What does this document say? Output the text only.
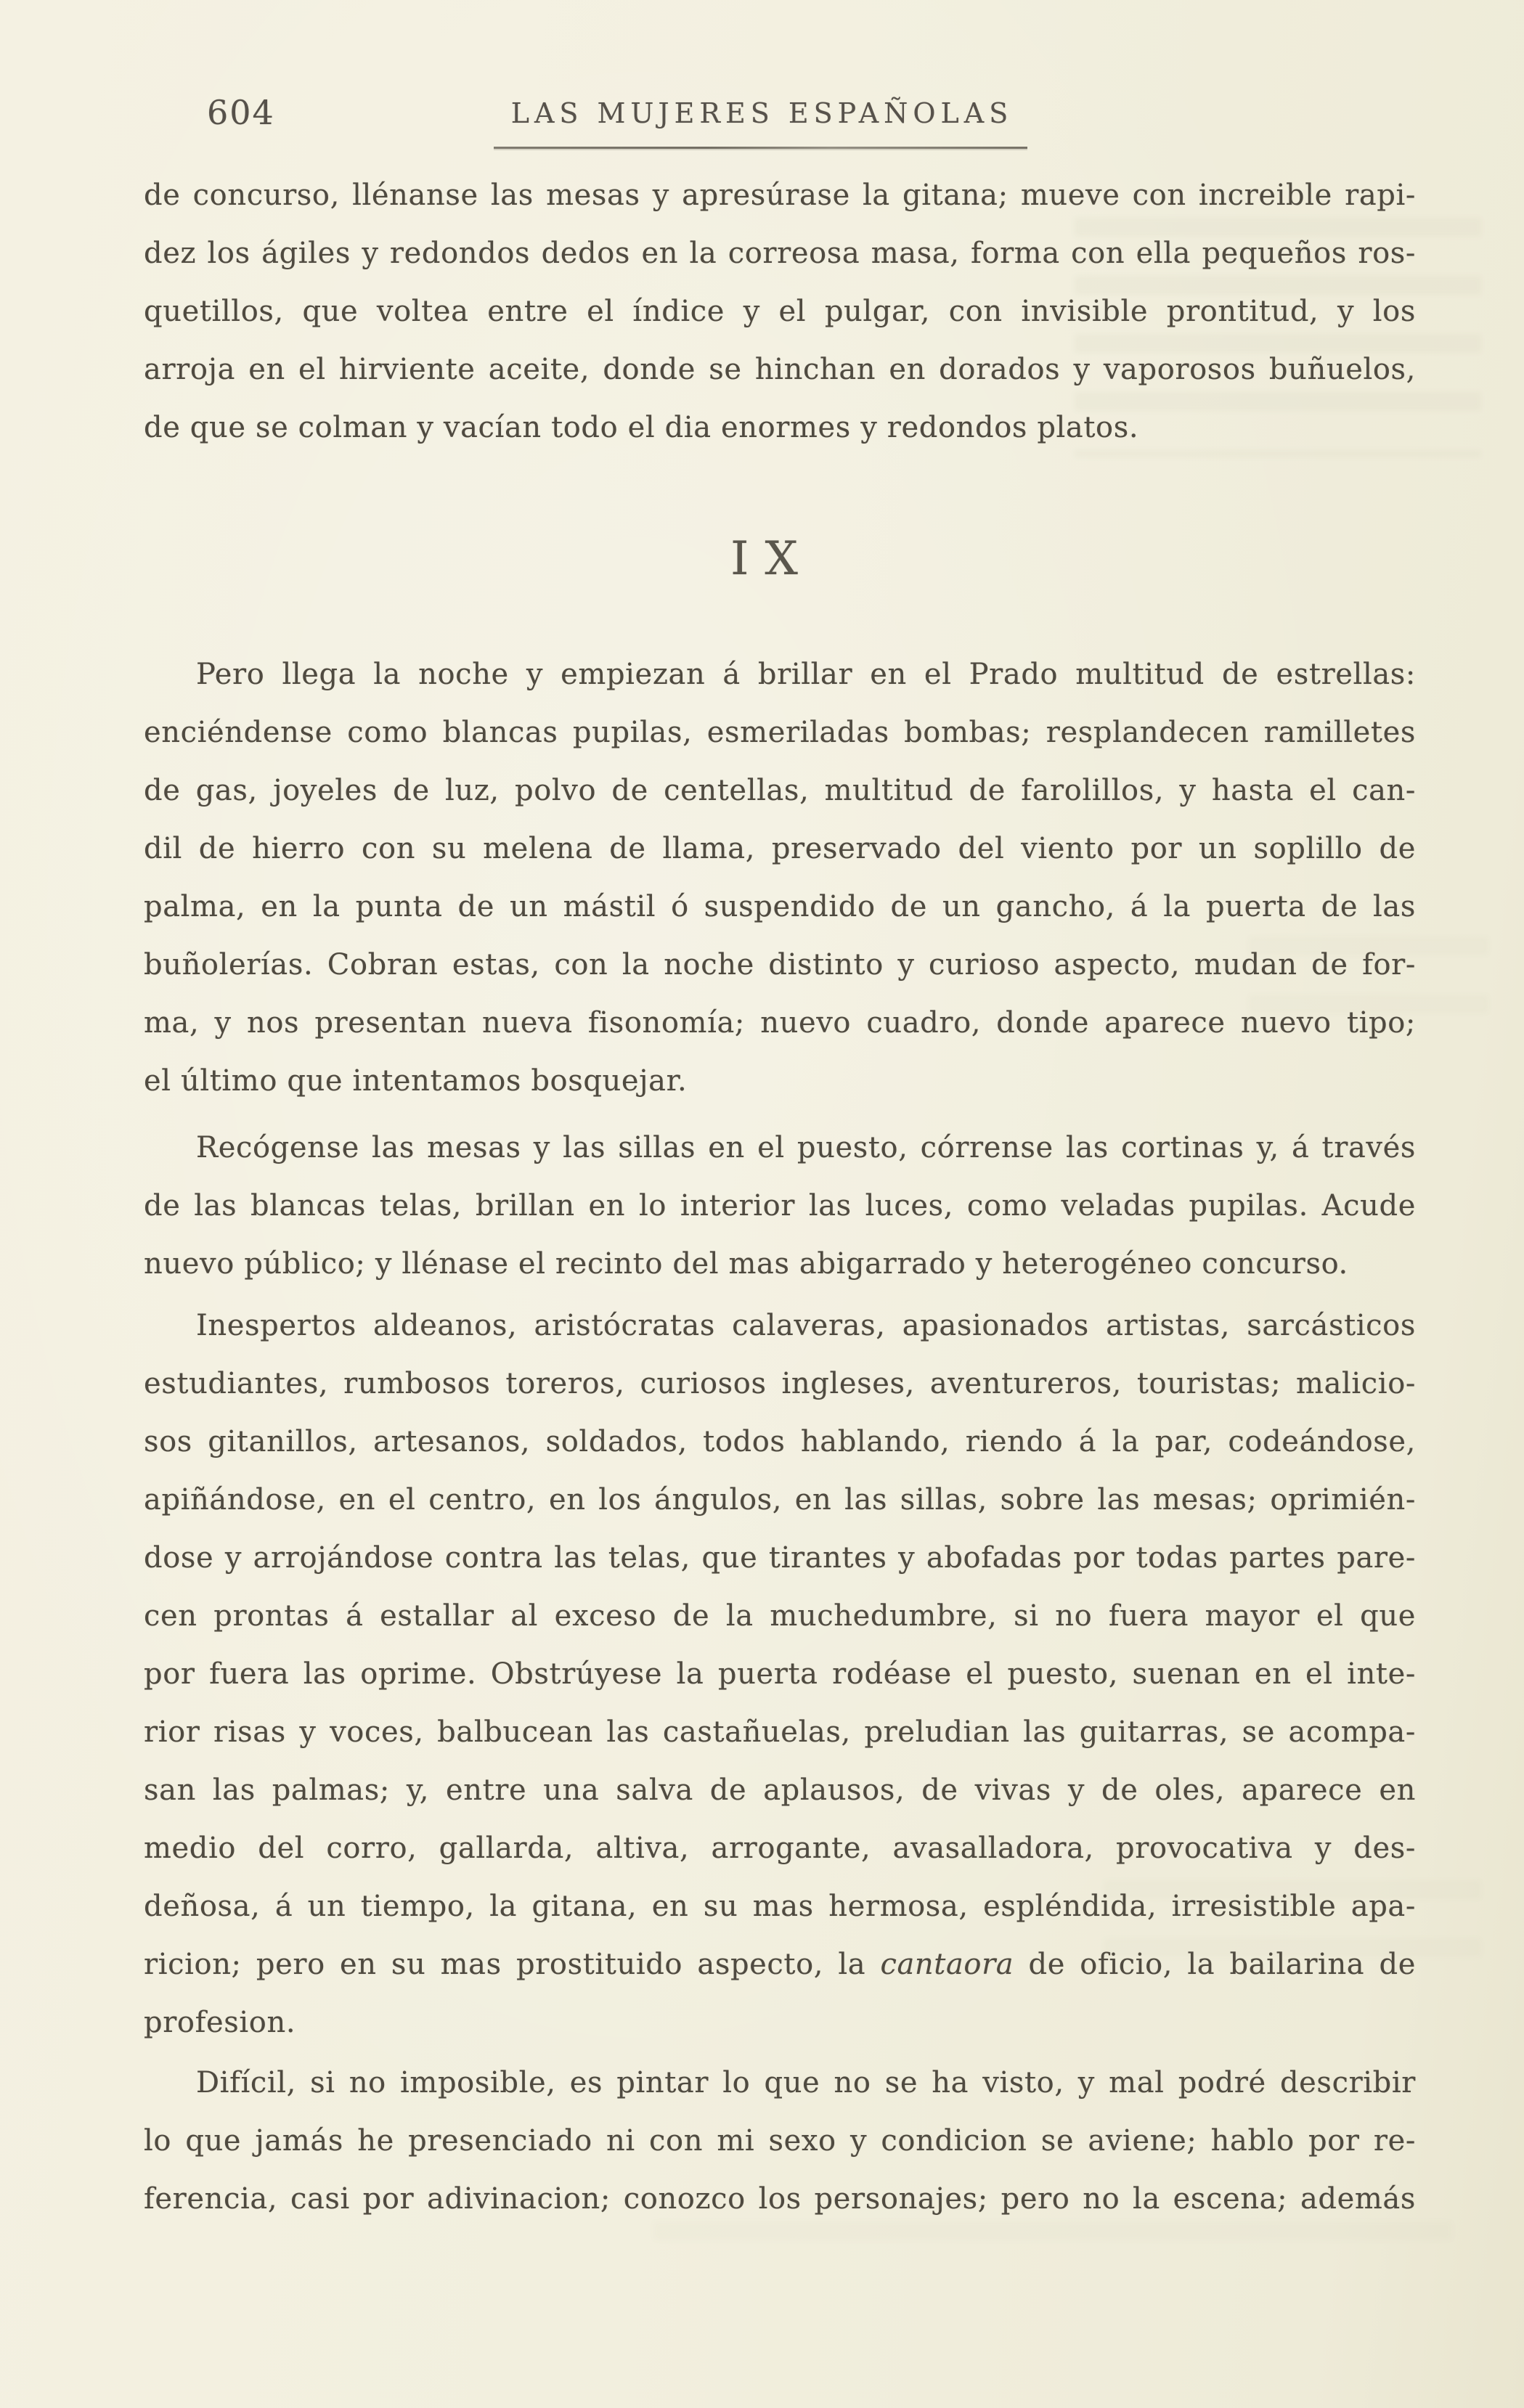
604	LAS MUJERES ESPAÑOLAS
IX
de concurso, llénanse las mesas y apresúrase la gitana; mueve con increible rapi-
dez los ágiles y redondos dedos en la correosa masa, forma con ella pequeños ros-
quetillos, que voltea entre el índice y el pulgar, con invisible prontitud, y los
arroja en el hirviente aceite, donde se hinchan en dorados y vaporosos buñuelos,
de que se colman y vacían todo el dia enormes y redondos platos.
Pero llega la noche y empiezan á brillar en el Prado multitud de estrellas:
enciéndense como blancas pupilas, esmeriladas bombas; resplandecen ramilletes
de gas, joyeles de luz, polvo de centellas, multitud de farolillos, y hasta el can-
dil de hierro con su melena de llama, preservado del viento por un soplillo de
palma, en la punta de un mástil ó suspendido de un gancho, á la puerta de las
buñolerías. Cobran estas, con la noche distinto y curioso aspecto, mudan de for-
ma, y nos presentan nueva fisonomía; nuevo cuadro, donde aparece nuevo tipo;
el último que intentamos bosquejar.
Recógense las mesas y las sillas en el puesto, córrense las cortinas y, á través
de las blancas telas, brillan en lo interior las luces, como veladas pupilas. Acude
nuevo público; y llénase el recinto del mas abigarrado y heterogéneo concurso.
Inespertos aldeanos, aristócratas calaveras, apasionados artistas, sarcásticos
estudiantes, rumbosos toreros, curiosos ingleses, aventureros, touristas; malicio-
sos gitanillos, artesanos, soldados, todos hablando, riendo á la par, codeándose,
apiñándose, en el centro, en los ángulos, en las sillas, sobre las mesas; oprimién-
dose y arrojándose contra las telas, que tirantes y abofadas por todas partes pare-
cen prontas á estallar al exceso de la muchedumbre, si no fuera mayor el que
por fuera las oprime. Obstrúyese la puerta rodéase el puesto, suenan en el inte-
rior risas y voces, balbucean las castañuelas, preludian las guitarras, se acompa-
san las palmas; y, entre una salva de aplausos, de vivas y de oles, aparece en
medio del corro, gallarda, altiva, arrogante, avasalladora, provocativa y des-
deñosa, á un tiempo, la gitana, en su mas hermosa, espléndida, irresistible apa-
ricion; pero en su mas prostituido aspecto, la cantaora de oficio, la bailarina de
profesion.
Difícil, si no imposible, es pintar lo que no se ha visto, y mal podré describir
lo que jamás he presenciado ni con mi sexo y condicion se aviene; hablo por re-
ferencia, casi por adivinacion; conozco los personajes; pero no la escena; además
